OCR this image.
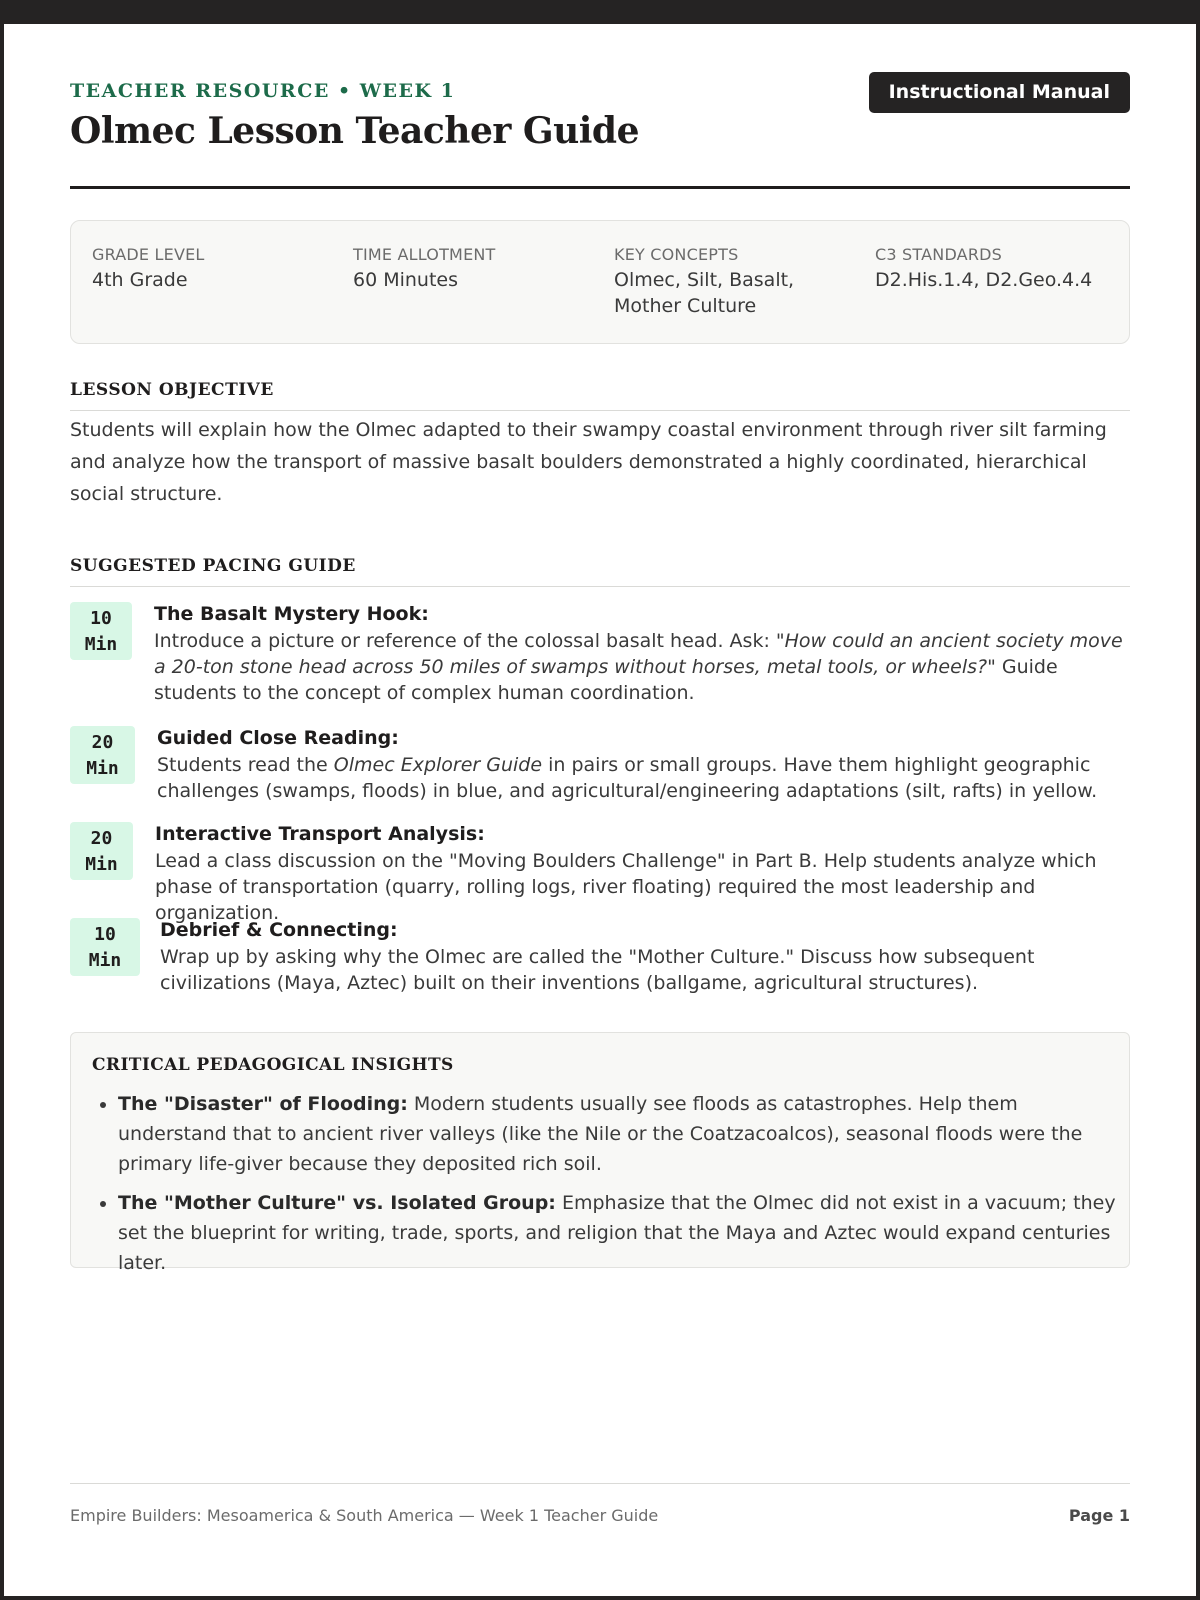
TEACHER RESOURCE • WEEK 1
Olmec Lesson Teacher Guide
Instructional Manual
GRADE LEVEL
4th Grade
TIME ALLOTMENT
60 Minutes
KEY CONCEPTS
Olmec, Silt, Basalt, Mother Culture
C3 STANDARDS
D2.His.1.4, D2.Geo.4.4
LESSON OBJECTIVE

Students will explain how the Olmec adapted to their swampy coastal environment through river silt farming and analyze how the transport of massive basalt boulders demonstrated a highly coordinated, hierarchical social structure.

SUGGESTED PACING GUIDE
10
Min
The Basalt Mystery Hook:
Introduce a picture or reference of the colossal basalt head. Ask: "How could an ancient society move a 20-ton stone head across 50 miles of swamps without horses, metal tools, or wheels?" Guide students to the concept of complex human coordination.
20
Min
Guided Close Reading:
Students read the Olmec Explorer Guide in pairs or small groups. Have them highlight geographic challenges (swamps, floods) in blue, and agricultural/engineering adaptations (silt, rafts) in yellow.
20
Min
Interactive Transport Analysis:
Lead a class discussion on the "Moving Boulders Challenge" in Part B. Help students analyze which phase of transportation (quarry, rolling logs, river floating) required the most leadership and organization.
10
Min
Debrief & Connecting:
Wrap up by asking why the Olmec are called the "Mother Culture." Discuss how subsequent civilizations (Maya, Aztec) built on their inventions (ballgame, agricultural structures).
CRITICAL PEDAGOGICAL INSIGHTS
• The "Disaster" of Flooding: Modern students usually see floods as catastrophes. Help them understand that to ancient river valleys (like the Nile or the Coatzacoalcos), seasonal floods were the primary life-giver because they deposited rich soil.
• The "Mother Culture" vs. Isolated Group: Emphasize that the Olmec did not exist in a vacuum; they set the blueprint for writing, trade, sports, and religion that the Maya and Aztec would expand centuries later.
Empire Builders: Mesoamerica & South America — Week 1 Teacher Guide	Page 1
